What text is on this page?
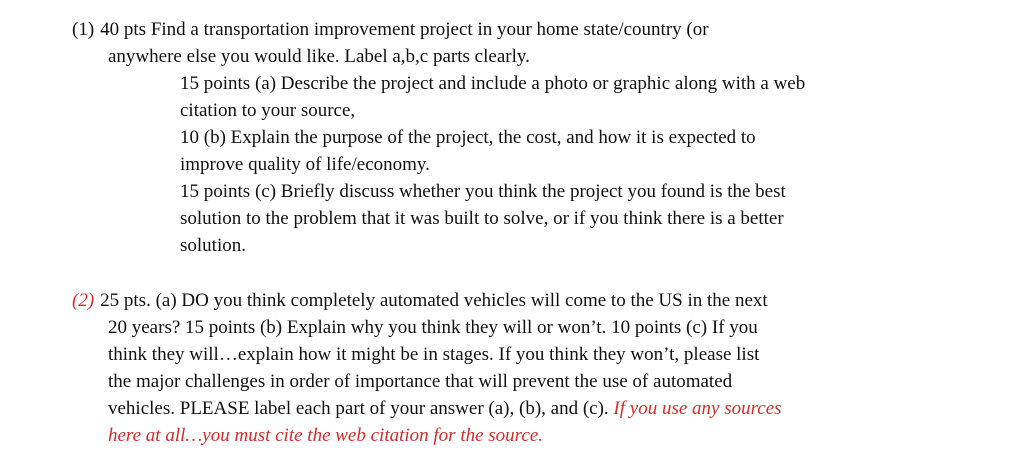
(1) 40 pts Find a transportation improvement project in your home state/country (or
anywhere else you would like. Label a,b,c parts clearly.
15 points (a) Describe the project and include a photo or graphic along with a web
citation to your source,
10 (b) Explain the purpose of the project, the cost, and how it is expected to
improve quality of life/economy.
15 points (c) Briefly discuss whether you think the project you found is the best
solution to the problem that it was built to solve, or if you think there is a better
solution.
(2) 25 pts. (a) DO you think completely automated vehicles will come to the US in the next
20 years? 15 points (b) Explain why you think they will or won’t. 10 points (c) If you
think they will…explain how it might be in stages. If you think they won’t, please list
the major challenges in order of importance that will prevent the use of automated
vehicles. PLEASE label each part of your answer (a), (b), and (c). If you use any sources
here at all…you must cite the web citation for the source.
